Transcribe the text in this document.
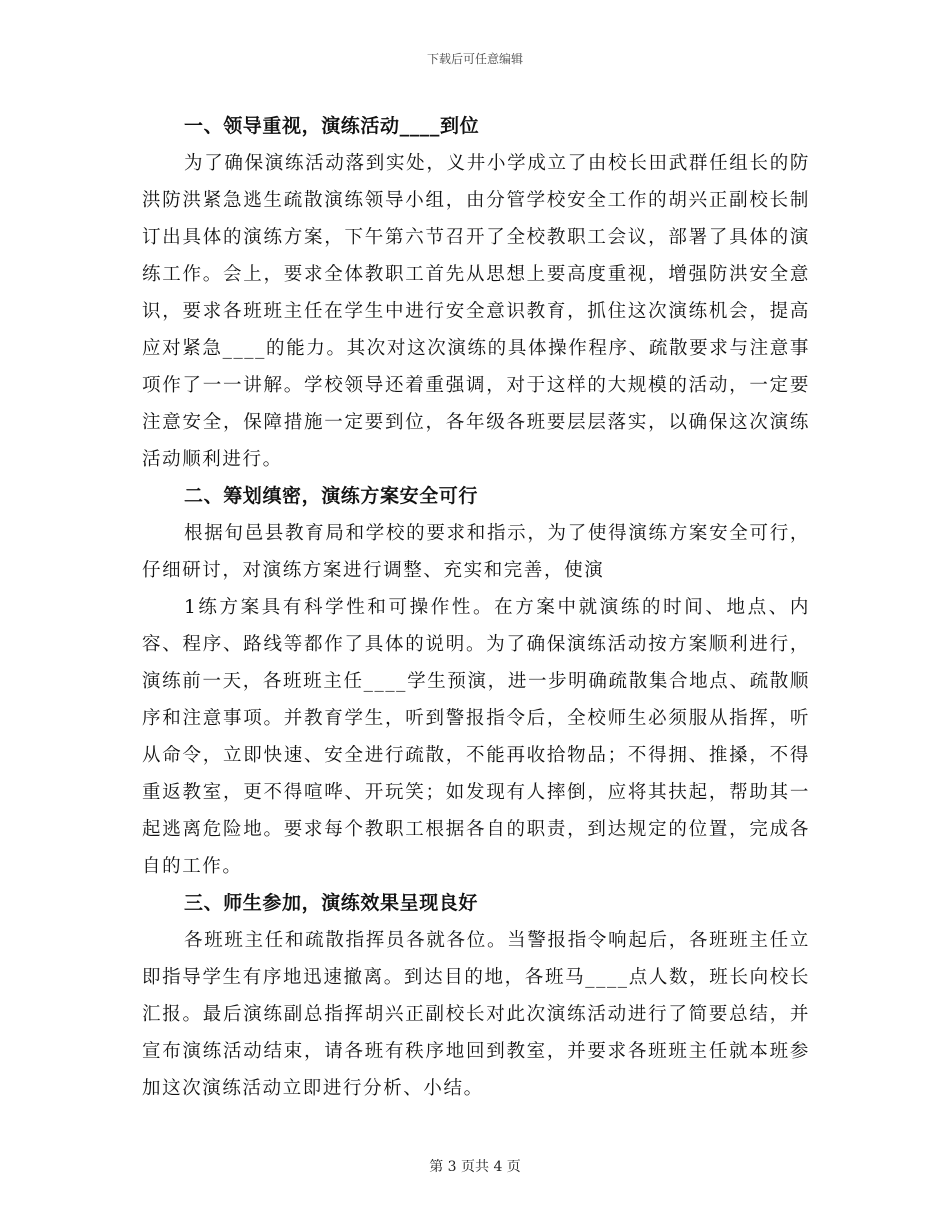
下载后可任意编辑
一、领导重视，演练活动____到位

为了确保演练活动落到实处，义井小学成立了由校长田武群任组长的防洪防洪紧急逃生疏散演练领导小组，由分管学校安全工作的胡兴正副校长制订出具体的演练方案，下午第六节召开了全校教职工会议，部署了具体的演练工作。会上，要求全体教职工首先从思想上要高度重视，增强防洪安全意识，要求各班班主任在学生中进行安全意识教育，抓住这次演练机会，提高应对紧急____的能力。其次对这次演练的具体操作程序、疏散要求与注意事项作了一一讲解。学校领导还着重强调，对于这样的大规模的活动，一定要注意安全，保障措施一定要到位，各年级各班要层层落实，以确保这次演练活动顺利进行。

二、筹划缜密，演练方案安全可行

根据旬邑县教育局和学校的要求和指示，为了使得演练方案安全可行，仔细研讨，对演练方案进行调整、充实和完善，使演

1练方案具有科学性和可操作性。在方案中就演练的时间、地点、内容、程序、路线等都作了具体的说明。为了确保演练活动按方案顺利进行，演练前一天，各班班主任____学生预演，进一步明确疏散集合地点、疏散顺序和注意事项。并教育学生，听到警报指令后，全校师生必须服从指挥，听从命令，立即快速、安全进行疏散，不能再收拾物品；不得拥、推搡，不得重返教室，更不得喧哗、开玩笑；如发现有人摔倒，应将其扶起，帮助其一起逃离危险地。要求每个教职工根据各自的职责，到达规定的位置，完成各自的工作。

三、师生参加，演练效果呈现良好

各班班主任和疏散指挥员各就各位。当警报指令响起后，各班班主任立即指导学生有序地迅速撤离。到达目的地，各班马____点人数，班长向校长汇报。最后演练副总指挥胡兴正副校长对此次演练活动进行了简要总结，并宣布演练活动结束，请各班有秩序地回到教室，并要求各班班主任就本班参加这次演练活动立即进行分析、小结。

第 3 页共 4 页
